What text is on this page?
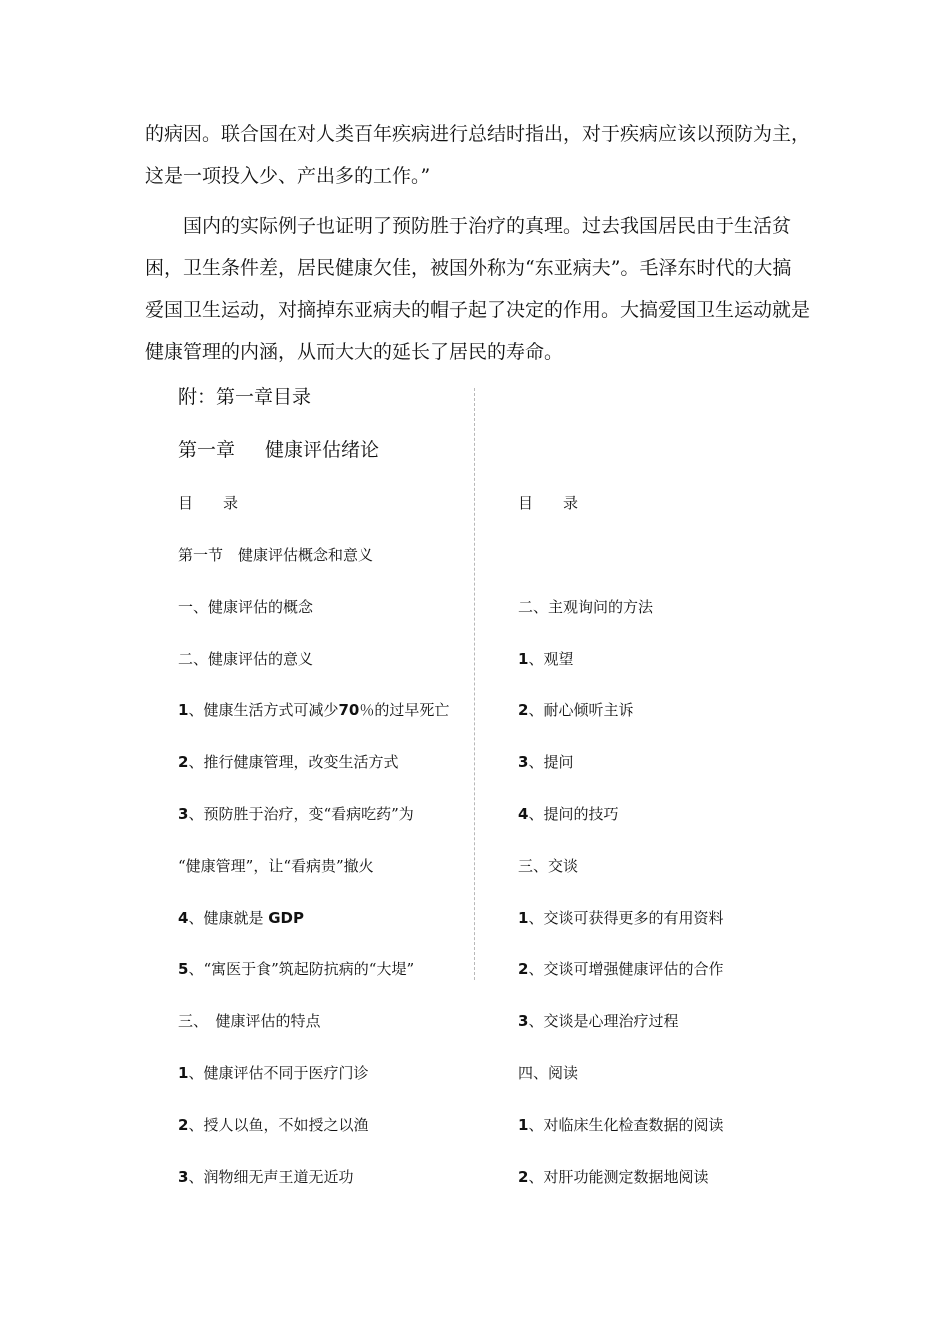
的病因。联合国在对人类百年疾病进行总结时指出，对于疾病应该以预防为主，这是一项投入少、产出多的工作。”

国内的实际例子也证明了预防胜于治疗的真理。过去我国居民由于生活贫困，卫生条件差，居民健康欠佳，被国外称为“东亚病夫”。毛泽东时代的大搞爱国卫生运动，对摘掉东亚病夫的帽子起了决定的作用。大搞爱国卫生运动就是健康管理的内涵，从而大大的延长了居民的寿命。

附：第一章目录
第一章 健康评估绪论
目　　录	目　　录
第一节　健康评估概念和意义
一、健康评估的概念
二、健康评估的意义
1、健康生活方式可减少70％的过早死亡
2、推行健康管理，改变生活方式
3、预防胜于治疗，变“看病吃药”为
“健康管理”，让“看病贵”撤火
4、健康就是 GDP
5、“寓医于食”筑起防抗病的“大堤”
三、　健康评估的特点
1、健康评估不同于医疗门诊
2、授人以鱼，不如授之以渔
3、润物细无声王道无近功
二、主观询问的方法
1、观望
2、耐心倾听主诉
3、提问
4、提问的技巧
三、交谈
1、交谈可获得更多的有用资料
2、交谈可增强健康评估的合作
3、交谈是心理治疗过程
四、阅读
1、对临床生化检查数据的阅读
2、对肝功能测定数据地阅读
